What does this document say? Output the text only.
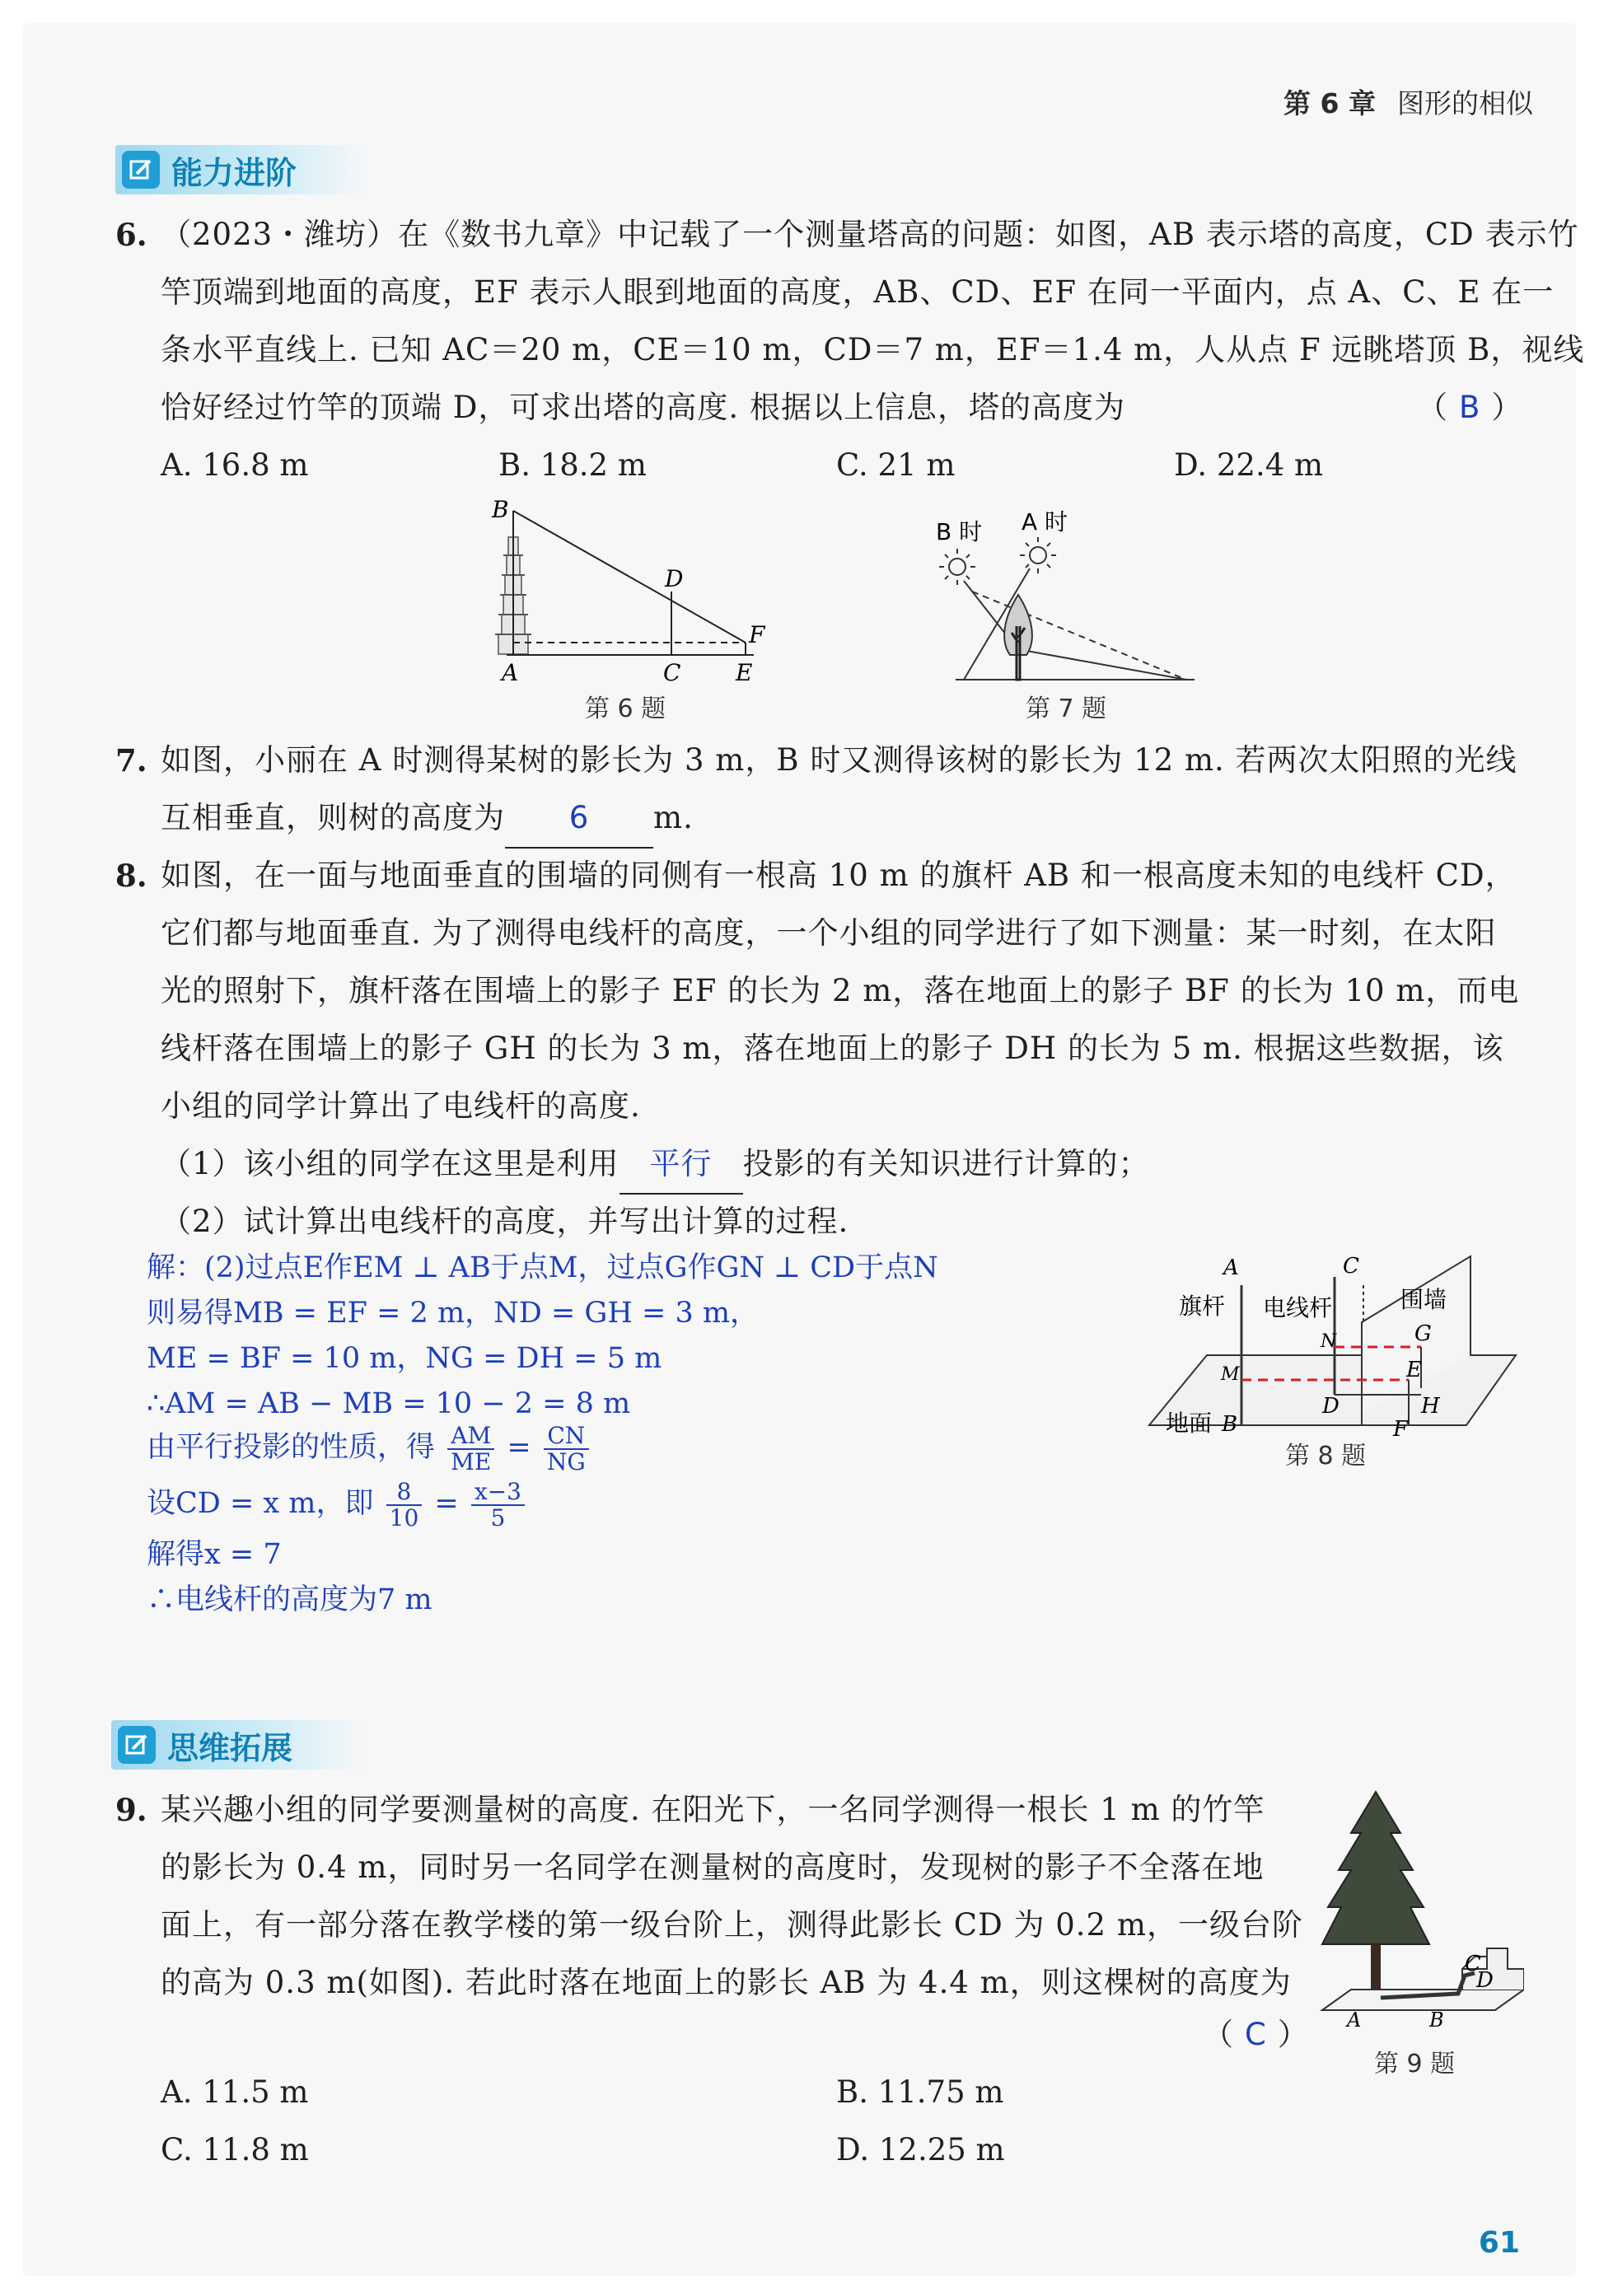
第 6 章 图形的相似
能力进阶
6. （2023・潍坊）在《数书九章》中记载了一个测量塔高的问题：如图，AB 表示塔的高度，CD 表示竹
竿顶端到地面的高度，EF 表示人眼到地面的高度，AB、CD、EF 在同一平面内，点 A、C、E 在一
条水平直线上. 已知 AC＝20 m，CE＝10 m，CD＝7 m，EF＝1.4 m，人从点 F 远眺塔顶 B，视线
恰好经过竹竿的顶端 D，可求出塔的高度. 根据以上信息，塔的高度为	（ B ）
A. 16.8 m	B. 18.2 m	C. 21 m	D. 22.4 m
B
D
F
A	C E
第 6 题
B 时 A 时
第 7 题
7. 如图，小丽在 A 时测得某树的影长为 3 m，B 时又测得该树的影长为 12 m. 若两次太阳照的光线
互相垂直，则树的高度为 6 m.
8. 如图，在一面与地面垂直的围墙的同侧有一根高 10 m 的旗杆 AB 和一根高度未知的电线杆 CD，
它们都与地面垂直. 为了测得电线杆的高度，一个小组的同学进行了如下测量：某一时刻，在太阳
光的照射下，旗杆落在围墙上的影子 EF 的长为 2 m，落在地面上的影子 BF 的长为 10 m，而电
线杆落在围墙上的影子 GH 的长为 3 m，落在地面上的影子 DH 的长为 5 m. 根据这些数据，该
小组的同学计算出了电线杆的高度.
（1）该小组的同学在这里是利用 平行 投影的有关知识进行计算的；
（2）试计算出电线杆的高度，并写出计算的过程.
解：(2)过点E作EM ⊥ AB于点M，过点G作GN ⊥ CD于点N
则易得MB = EF = 2 m，ND = GH = 3 m，
ME = BF = 10 m，NG = DH = 5 m
∴AM = AB − MB = 10 − 2 = 8 m
由平行投影的性质，得 $\frac{AM}{ME} = \frac{CN}{NG}$
设CD = x m，即 $\frac{8}{10} = \frac{x-3}{5}$
解得x = 7
∴电线杆的高度为7 m
A
旗杆
C
电线杆	围墙
N	G
M	E
D	H
地面 B	F
第 8 题
思维拓展
9. 某兴趣小组的同学要测量树的高度. 在阳光下，一名同学测得一根长 1 m 的竹竿
的影长为 0.4 m，同时另一名同学在测量树的高度时，发现树的影子不全落在地
面上，有一部分落在教学楼的第一级台阶上，测得此影长 CD 为 0.2 m，一级台阶
的高为 0.3 m(如图). 若此时落在地面上的影长 AB 为 4.4 m，则这棵树的高度为
（ C ）
A. 11.5 m	B. 11.75 m
C. 11.8 m	D. 12.25 m
C
D
A	B
第 9 题
61
